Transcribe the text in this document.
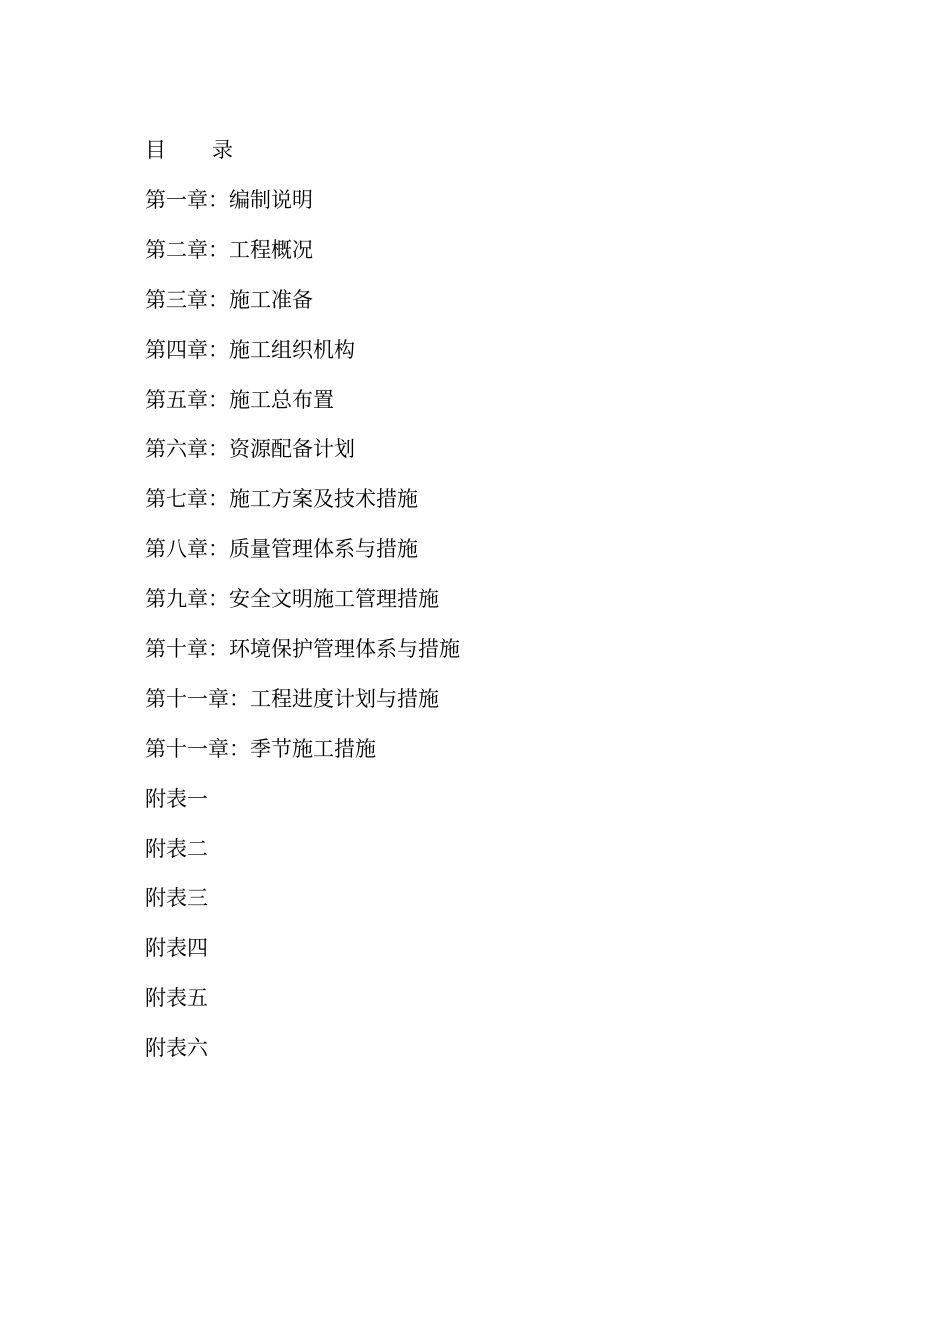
目 录
第一章：编制说明
第二章：工程概况
第三章：施工准备
第四章：施工组织机构
第五章：施工总布置
第六章：资源配备计划
第七章：施工方案及技术措施
第八章：质量管理体系与措施
第九章：安全文明施工管理措施
第十章：环境保护管理体系与措施
第十一章：工程进度计划与措施
第十一章：季节施工措施
附表一
附表二
附表三
附表四
附表五
附表六
